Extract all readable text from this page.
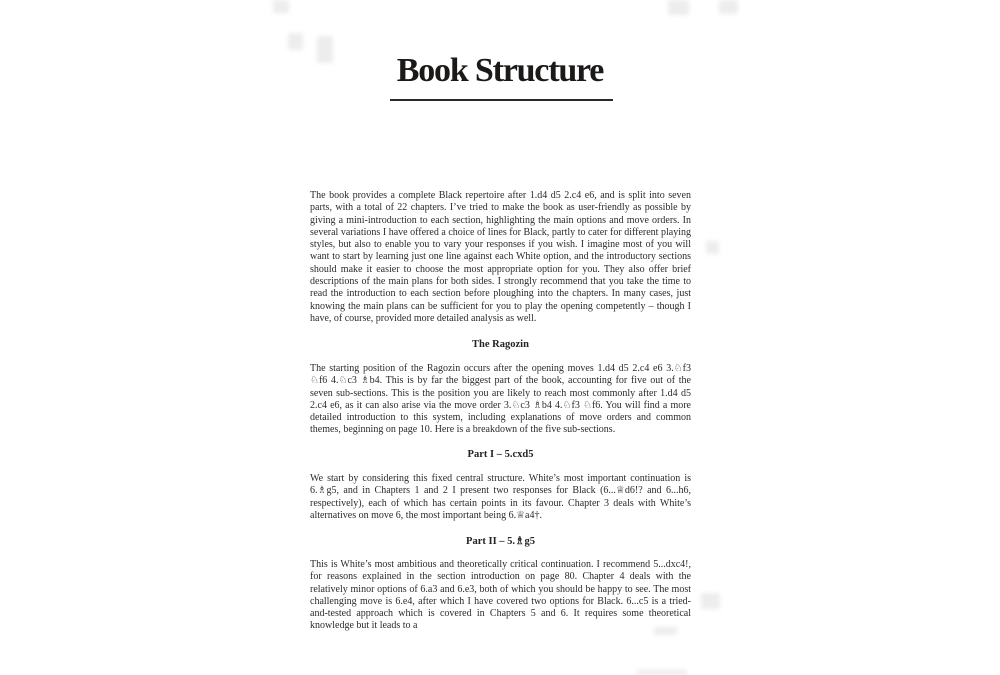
Book Structure

The book provides a complete Black repertoire after 1.d4 d5 2.c4 e6, and is split into seven parts, with a total of 22 chapters. I’ve tried to make the book as user-friendly as possible by giving a mini-introduction to each section, highlighting the main options and move orders. In several variations I have offered a choice of lines for Black, partly to cater for different playing styles, but also to enable you to vary your responses if you wish. I imagine most of you will want to start by learning just one line against each White option, and the introductory sections should make it easier to choose the most appropriate option for you. They also offer brief descriptions of the main plans for both sides. I strongly recommend that you take the time to read the introduction to each section before ploughing into the chapters. In many cases, just knowing the main plans can be sufficient for you to play the opening competently – though I have, of course, provided more detailed analysis as well.

The Ragozin

The starting position of the Ragozin occurs after the opening moves 1.d4 d5 2.c4 e6 3.♘f3 ♘f6 4.♘c3 ♗b4. This is by far the biggest part of the book, accounting for five out of the seven sub-sections. This is the position you are likely to reach most commonly after 1.d4 d5 2.c4 e6, as it can also arise via the move order 3.♘c3 ♗b4 4.♘f3 ♘f6. You will find a more detailed introduction to this system, including explanations of move orders and common themes, beginning on page 10. Here is a breakdown of the five sub-sections.

Part I – 5.cxd5

We start by considering this fixed central structure. White’s most important continuation is 6.♗g5, and in Chapters 1 and 2 I present two responses for Black (6...♕d6!? and 6...h6, respectively), each of which has certain points in its favour. Chapter 3 deals with White’s alternatives on move 6, the most important being 6.♕a4†.

Part II – 5.♗g5

This is White’s most ambitious and theoretically critical continuation. I recommend 5...dxc4!, for reasons explained in the section introduction on page 80. Chapter 4 deals with the relatively minor options of 6.a3 and 6.e3, both of which you should be happy to see. The most challenging move is 6.e4, after which I have covered two options for Black. 6...c5 is a tried-and-tested approach which is covered in Chapters 5 and 6. It requires some theoretical knowledge but it leads to a
